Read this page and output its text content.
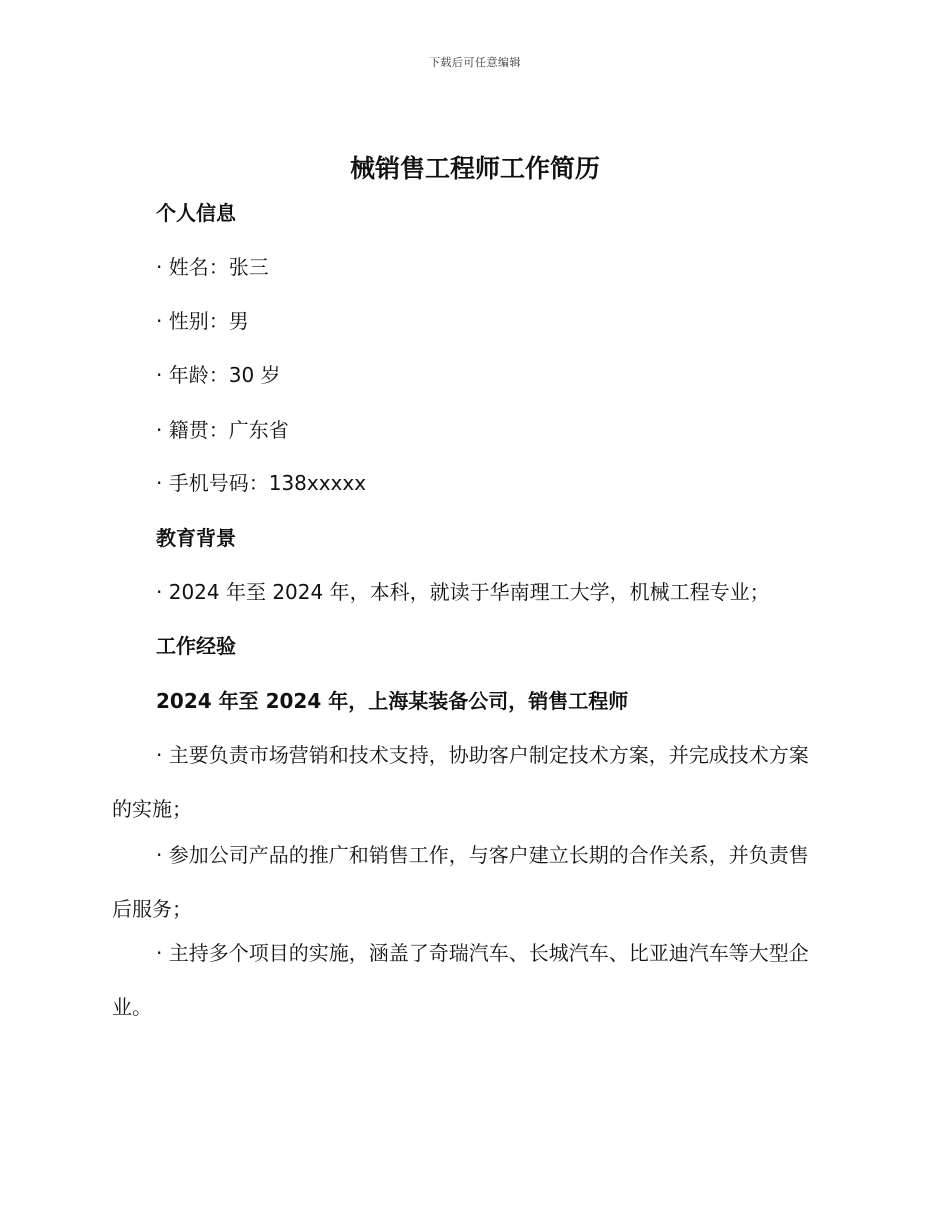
下载后可任意编辑
械销售工程师工作简历
个人信息
· 姓名：张三
· 性别：男
· 年龄：30 岁
· 籍贯：广东省
· 手机号码：138xxxxx
教育背景
· 2024 年至 2024 年，本科，就读于华南理工大学，机械工程专业；
工作经验
2024 年至 2024 年，上海某装备公司，销售工程师

· 主要负责市场营销和技术支持，协助客户制定技术方案，并完成技术方案的实施；

· 参加公司产品的推广和销售工作，与客户建立长期的合作关系，并负责售后服务；

· 主持多个项目的实施，涵盖了奇瑞汽车、长城汽车、比亚迪汽车等大型企业。
